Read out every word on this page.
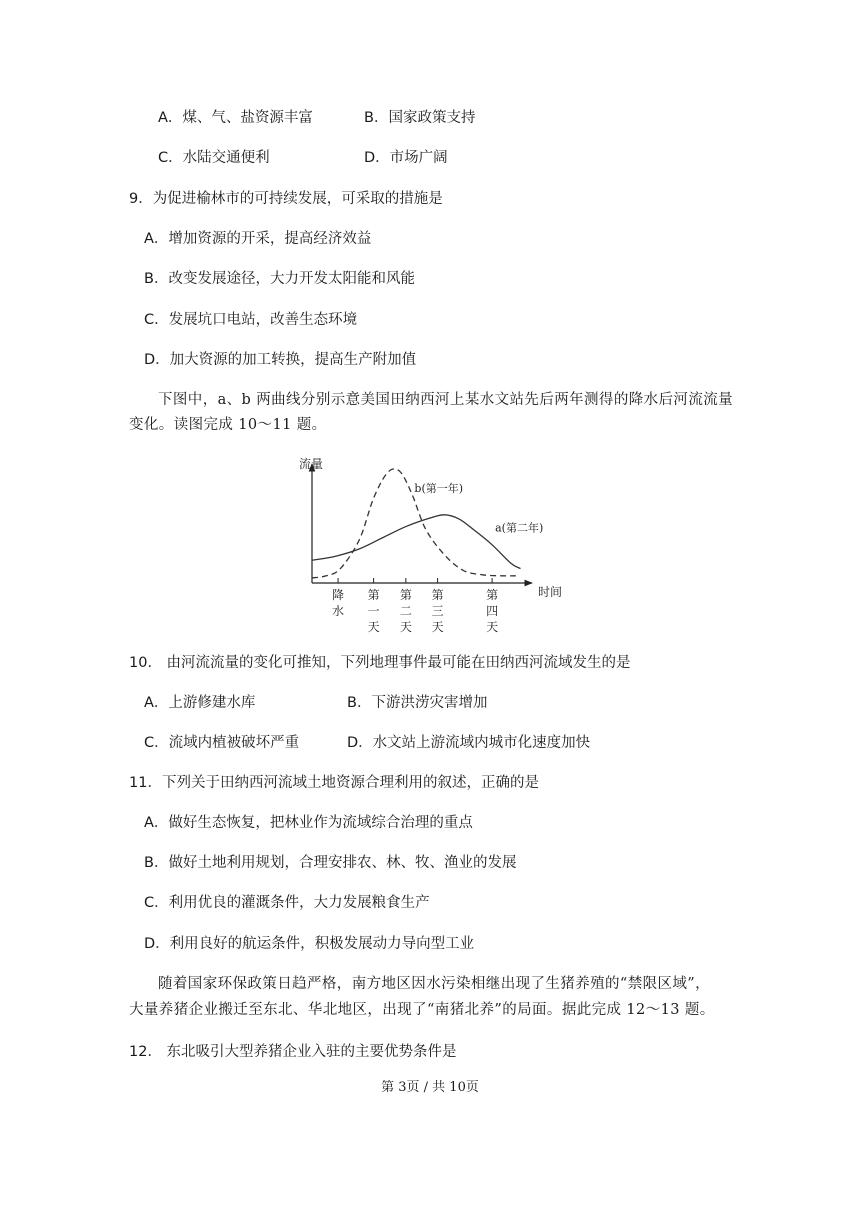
A．煤、气、盐资源丰富	B．国家政策支持
C．水陆交通便利	D．市场广阔
9．为促进榆林市的可持续发展，可采取的措施是
A．增加资源的开采，提高经济效益
B．改变发展途径，大力开发太阳能和风能
C．发展坑口电站，改善生态环境
D．加大资源的加工转换，提高生产附加值
下图中，a、b 两曲线分别示意美国田纳西河上某水文站先后两年测得的降水后河流流量
变化。读图完成 10～11 题。
流量
时间
降
水
第
一
天
第
二
天
第
三
天
第
四
天
b(第一年)
a(第二年)
10． 由河流流量的变化可推知，下列地理事件最可能在田纳西河流域发生的是
A．上游修建水库	B．下游洪涝灾害增加
C．流域内植被破坏严重	D．水文站上游流域内城市化速度加快
11．下列关于田纳西河流域土地资源合理利用的叙述，正确的是
A．做好生态恢复，把林业作为流域综合治理的重点
B．做好土地利用规划，合理安排农、林、牧、渔业的发展
C．利用优良的灌溉条件，大力发展粮食生产
D．利用良好的航运条件，积极发展动力导向型工业
随着国家环保政策日趋严格，南方地区因水污染相继出现了生猪养殖的“禁限区域”，
大量养猪企业搬迁至东北、华北地区，出现了“南猪北养”的局面。据此完成 12～13 题。
12． 东北吸引大型养猪企业入驻的主要优势条件是
第 3页 / 共 10页
